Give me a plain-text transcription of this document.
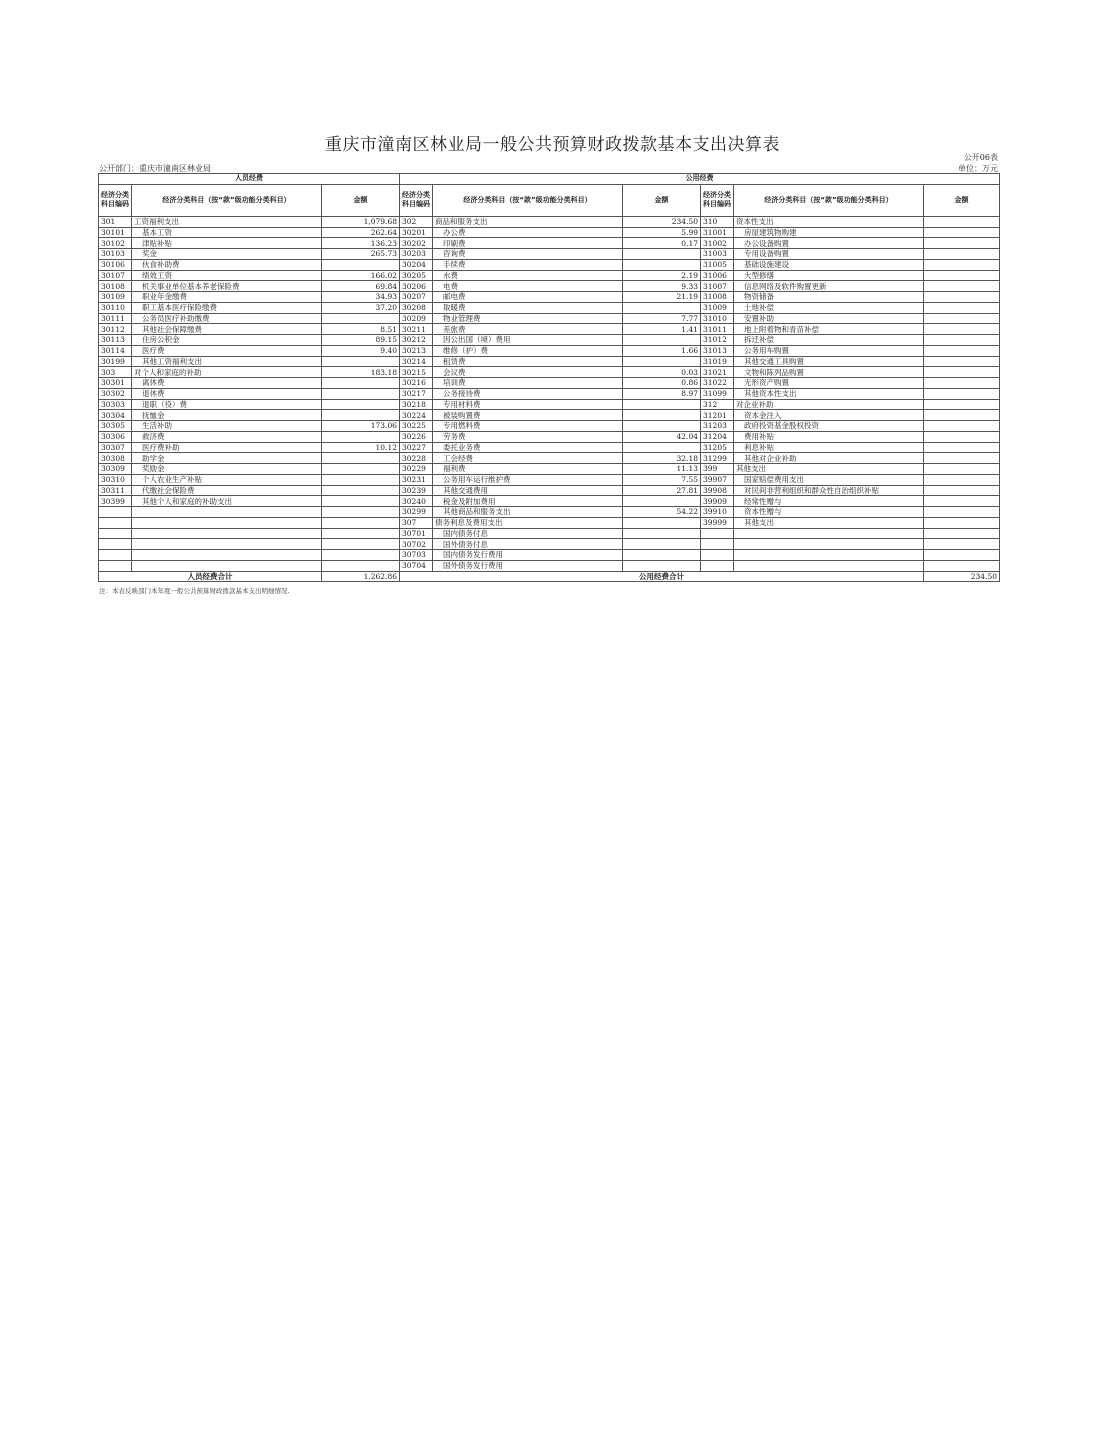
重庆市潼南区林业局一般公共预算财政拨款基本支出决算表
公开06表
公开部门：重庆市潼南区林业局	单位：万元
人员经费			公用经费					
经济分类科目编码	经济分类科目（按“款”级功能分类科目）	金额	经济分类科目编码	经济分类科目（按“款”级功能分类科目）	金额	经济分类科目编码	经济分类科目（按“款”级功能分类科目）	金额
301	工资福利支出	1,079.68	302	商品和服务支出	234.50	310	资本性支出	
30101	基本工资	262.64	30201	办公费	5.99	31001	房屋建筑物购建	
30102	津贴补贴	136.23	30202	印刷费	0.17	31002	办公设备购置	
30103	奖金	265.73	30203	咨询费		31003	专用设备购置	
30106	伙食补助费		30204	手续费		31005	基础设施建设	
30107	绩效工资	166.02	30205	水费	2.19	31006	大型修缮	
30108	机关事业单位基本养老保险费	69.84	30206	电费	9.33	31007	信息网络及软件购置更新	
30109	职业年金缴费	34.93	30207	邮电费	21.19	31008	物资储备	
30110	职工基本医疗保险缴费	37.20	30208	取暖费		31009	土地补偿	
30111	公务员医疗补助缴费		30209	物业管理费	7.77	31010	安置补助	
30112	其他社会保障缴费	8.51	30211	差旅费	1.41	31011	地上附着物和青苗补偿	
30113	住房公积金	89.15	30212	因公出国（境）费用		31012	拆迁补偿	
30114	医疗费	9.40	30213	维修（护）费	1.66	31013	公务用车购置	
30199	其他工资福利支出		30214	租赁费		31019	其他交通工具购置	
303	对个人和家庭的补助	183.18	30215	会议费	0.03	31021	文物和陈列品购置	
30301	离休费		30216	培训费	0.86	31022	无形资产购置	
30302	退休费		30217	公务接待费	8.97	31099	其他资本性支出	
30303	退职（役）费		30218	专用材料费		312	对企业补助	
30304	抚恤金		30224	被装购置费		31201	资本金注入	
30305	生活补助	173.06	30225	专用燃料费		31203	政府投资基金股权投资	
30306	救济费		30226	劳务费	42.04	31204	费用补贴	
30307	医疗费补助	10.12	30227	委托业务费		31205	利息补贴	
30308	助学金		30228	工会经费	32.18	31299	其他对企业补助	
30309	奖励金		30229	福利费	11.13	399	其他支出	
30310	个人农业生产补贴		30231	公务用车运行维护费	7.55	39907	国家赔偿费用支出	
30311	代缴社会保险费		30239	其他交通费用	27.81	39908	对民间非营利组织和群众性自治组织补贴	
30399	其他个人和家庭的补助支出		30240	税金及附加费用		39909	经常性赠与	
			30299	其他商品和服务支出	54.22	39910	资本性赠与	
			307	债务利息及费用支出		39999	其他支出	
			30701	国内债务付息				
			30702	国外债务付息				
			30703	国内债务发行费用				
			30704	国外债务发行费用				
人员经费合计		1,262.86	公用经费合计					234.50
注：本表反映部门本年度一般公共预算财政拨款基本支出明细情况.
